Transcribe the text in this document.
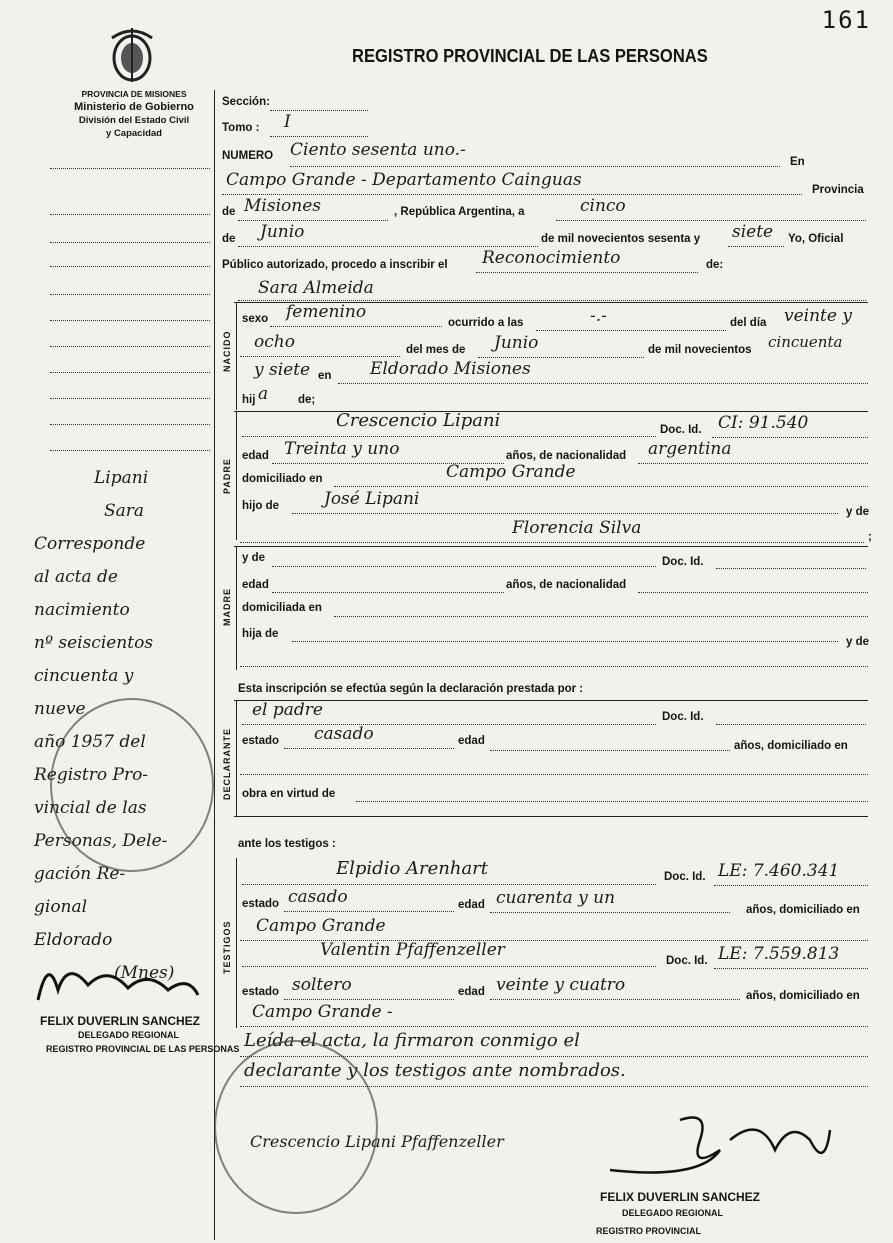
161
PROVINCIA DE MISIONES
Ministerio de Gobierno
División del Estado Civil
y Capacidad
REGISTRO PROVINCIAL DE LAS PERSONAS
Lipani
Sara
Corresponde
al acta de
nacimiento
nº seiscientos
cincuenta y
nueve
año 1957 del
Registro Pro-
vincial de las
Personas, Dele-
gación Re-
gional
Eldorado
(Mnes)
FELIX DUVERLIN SANCHEZ
DELEGADO REGIONAL
REGISTRO PROVINCIAL DE LAS PERSONAS
Sección:
Tomo : I
NUMERO Ciento sesenta uno.-
En
Campo Grande - Departamento Cainguas	Provincia
de Misiones	, República Argentina, a	cinco
de Junio	de mil novecientos sesenta y siete Yo, Oficial
Público autorizado, procedo a inscribir el Reconocimiento	de:
Sara Almeida
NACIDO
sexo femenino
ocurrido a las	-.-	del día veinte y
ocho	del mes de Junio	de mil novecientos cincuenta
y siete en Eldorado Misiones
hij a	de;
PADRE
Crescencio Lipani	Doc. Id. CI: 91.540
edad Treinta y uno	años, de nacionalidad argentina
domiciliado en	Campo Grande
hijo de	José Lipani
y de
Florencia Silva	;
MADRE
y de	Doc. Id.
edad	años, de nacionalidad
domiciliada en
hija de
y de
Esta inscripción se efectúa según la declaración prestada por :
DECLARANTE
el padre	Doc. Id.
estado casado	edad	años, domiciliado en
obra en virtud de
ante los testigos :
TESTIGOS
Elpidio Arenhart	Doc. Id. LE: 7.460.341
estado casado	edad cuarenta y un
años, domiciliado en
Campo Grande
Valentin Pfaffenzeller
Doc. Id. LE: 7.559.813
estado soltero	edad veinte y cuatro
años, domiciliado en
Campo Grande -
Leída el acta, la firmaron conmigo el
declarante y los testigos ante nombrados.
Crescencio Lipani Pfaffenzeller
FELIX DUVERLIN SANCHEZ
DELEGADO REGIONAL
REGISTRO PROVINCIAL
